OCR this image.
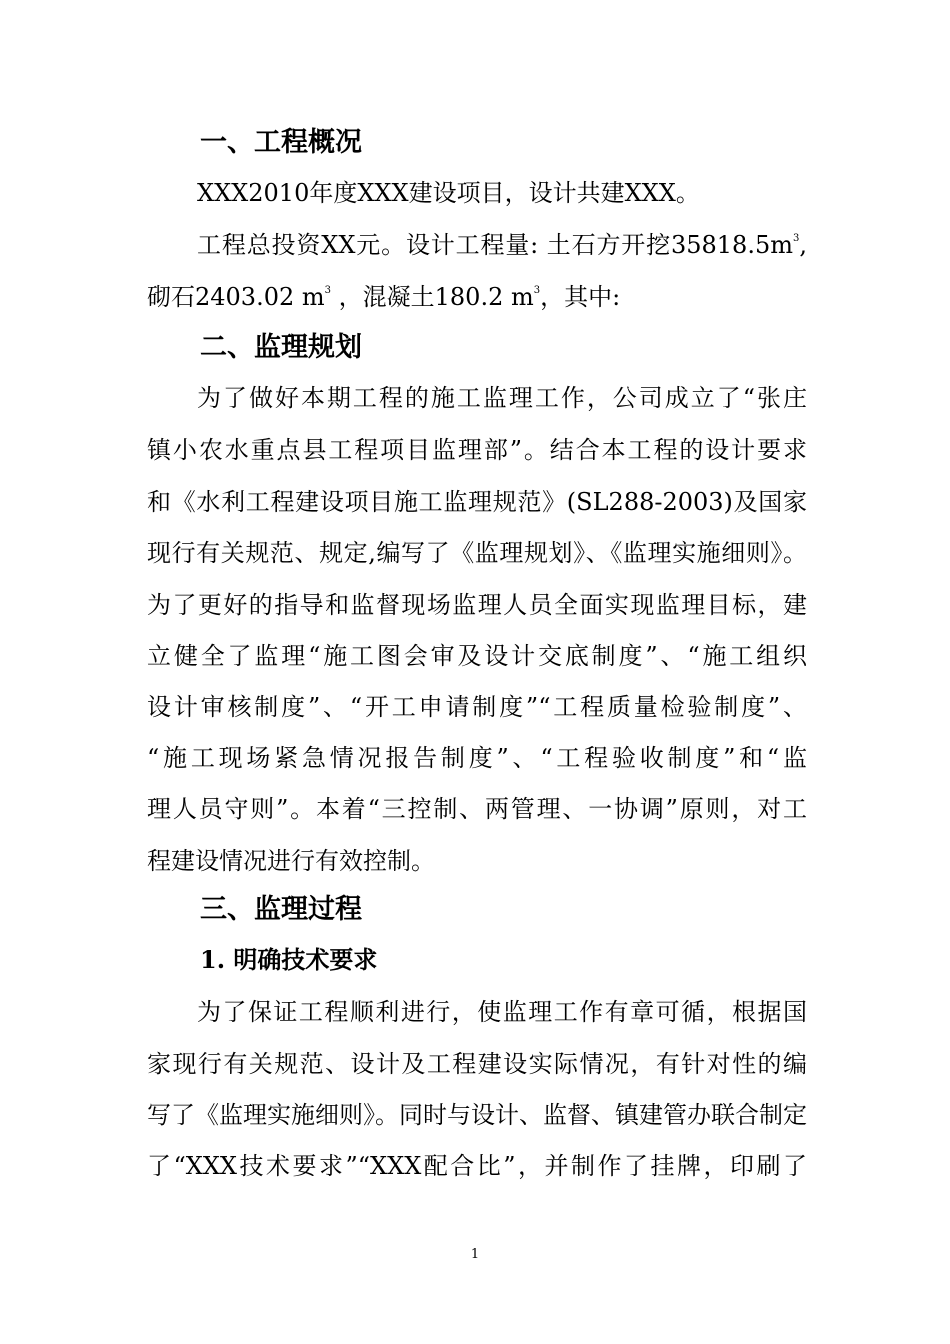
一、工程概况
XXX2010年度XXX建设项目，设计共建XXX。
工程总投资XX元。设计工程量: 土石方开挖$35818.5m^3$,
砌石2403.02 $m^3$ ，混凝土180.2 $m^3$，其中:
二、监理规划
为了做好本期工程的施工监理工作，公司成立了“张庄
镇小农水重点县工程项目监理部”。结合本工程的设计要求
和《水利工程建设项目施工监理规范》(SL288-2003)及国家
现行有关规范、规定,编写了《监理规划》、《监理实施细则》。
为了更好的指导和监督现场监理人员全面实现监理目标，建
立健全了监理“施工图会审及设计交底制度”、“施工组织
设计审核制度”、“开工申请制度”“工程质量检验制度”、
“施工现场紧急情况报告制度”、“工程验收制度”和“监
理人员守则”。本着“三控制、两管理、一协调”原则，对工
程建设情况进行有效控制。
三、监理过程
1. 明确技术要求
为了保证工程顺利进行，使监理工作有章可循，根据国
家现行有关规范、设计及工程建设实际情况，有针对性的编
写了《监理实施细则》。同时与设计、监督、镇建管办联合制定
了“XXX技术要求”“XXX配合比”，并制作了挂牌，印刷了
1
